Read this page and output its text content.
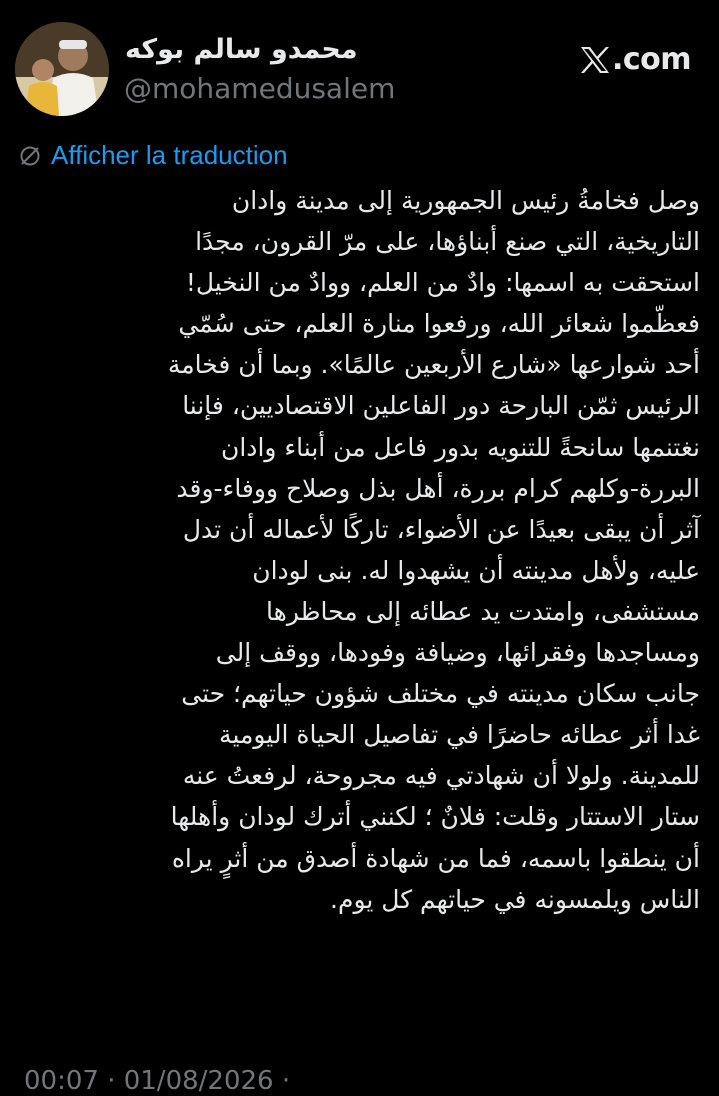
محمدو سالم بوكه
@mohamedusalem
.com
Afficher la traduction

وصل فخامةُ رئيس الجمهورية إلى مدينة وادان
التاريخية، التي صنع أبناؤها، على مرّ القرون، مجدًا
استحقت به اسمها: وادٌ من العلم، ووادٌ من النخيل!
فعظّموا شعائر الله، ورفعوا منارة العلم، حتى سُمّي
أحد شوارعها «شارع الأربعين عالمًا». وبما أن فخامة
الرئيس ثمّن البارحة دور الفاعلين الاقتصاديين، فإننا
نغتنمها سانحةً للتنويه بدور فاعل من أبناء وادان
البررة-وكلهم كرام بررة، أهل بذل وصلاح ووفاء-وقد
آثر أن يبقى بعيدًا عن الأضواء، تاركًا لأعماله أن تدل
عليه، ولأهل مدينته أن يشهدوا له. بنى لودان
مستشفى، وامتدت يد عطائه إلى محاظرها
ومساجدها وفقرائها، وضيافة وفودها، ووقف إلى
جانب سكان مدينته في مختلف شؤون حياتهم؛ حتى
غدا أثر عطائه حاضرًا في تفاصيل الحياة اليومية
للمدينة. ولولا أن شهادتي فيه مجروحة، لرفعتُ عنه
ستار الاستتار وقلت: فلانٌ ؛ لكنني أترك لودان وأهلها
أن ينطقوا باسمه، فما من شهادة أصدق من أثرٍ يراه
الناس ويلمسونه في حياتهم كل يوم.

00:07 · 01/08/2026 ·
